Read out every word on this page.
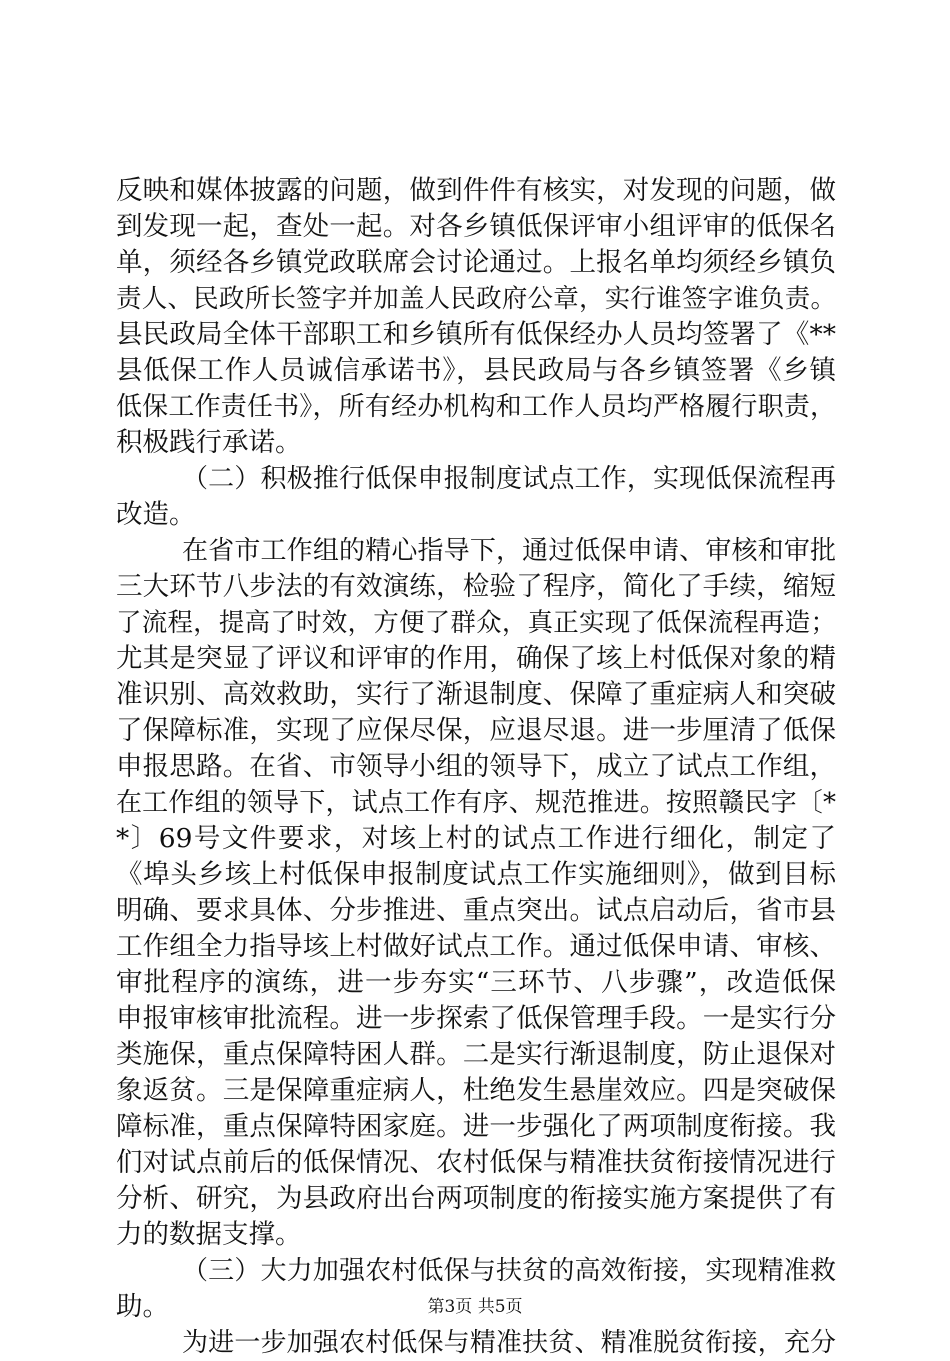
反映和媒体披露的问题，做到件件有核实，对发现的问题，做
到发现一起，查处一起。对各乡镇低保评审小组评审的低保名
单，须经各乡镇党政联席会讨论通过。上报名单均须经乡镇负
责人、民政所长签字并加盖人民政府公章，实行谁签字谁负责。
县民政局全体干部职工和乡镇所有低保经办人员均签署了《**
县低保工作人员诚信承诺书》，县民政局与各乡镇签署《乡镇
低保工作责任书》，所有经办机构和工作人员均严格履行职责，
积极践行承诺。
（二）积极推行低保申报制度试点工作，实现低保流程再
改造。
在省市工作组的精心指导下，通过低保申请、审核和审批
三大环节八步法的有效演练，检验了程序，简化了手续，缩短
了流程，提高了时效，方便了群众，真正实现了低保流程再造；
尤其是突显了评议和评审的作用，确保了垓上村低保对象的精
准识别、高效救助，实行了渐退制度、保障了重症病人和突破
了保障标准，实现了应保尽保，应退尽退。进一步厘清了低保
申报思路。在省、市领导小组的领导下，成立了试点工作组，
在工作组的领导下，试点工作有序、规范推进。按照赣民字〔*
*〕69号文件要求，对垓上村的试点工作进行细化，制定了
《埠头乡垓上村低保申报制度试点工作实施细则》，做到目标
明确、要求具体、分步推进、重点突出。试点启动后，省市县
工作组全力指导垓上村做好试点工作。通过低保申请、审核、
审批程序的演练，进一步夯实“三环节、八步骤”，改造低保
申报审核审批流程。进一步探索了低保管理手段。一是实行分
类施保，重点保障特困人群。二是实行渐退制度，防止退保对
象返贫。三是保障重症病人，杜绝发生悬崖效应。四是突破保
障标准，重点保障特困家庭。进一步强化了两项制度衔接。我
们对试点前后的低保情况、农村低保与精准扶贫衔接情况进行
分析、研究，为县政府出台两项制度的衔接实施方案提供了有
力的数据支撑。
（三）大力加强农村低保与扶贫的高效衔接，实现精准救
助。
为进一步加强农村低保与精准扶贫、精准脱贫衔接，充分
第3页 共5页
